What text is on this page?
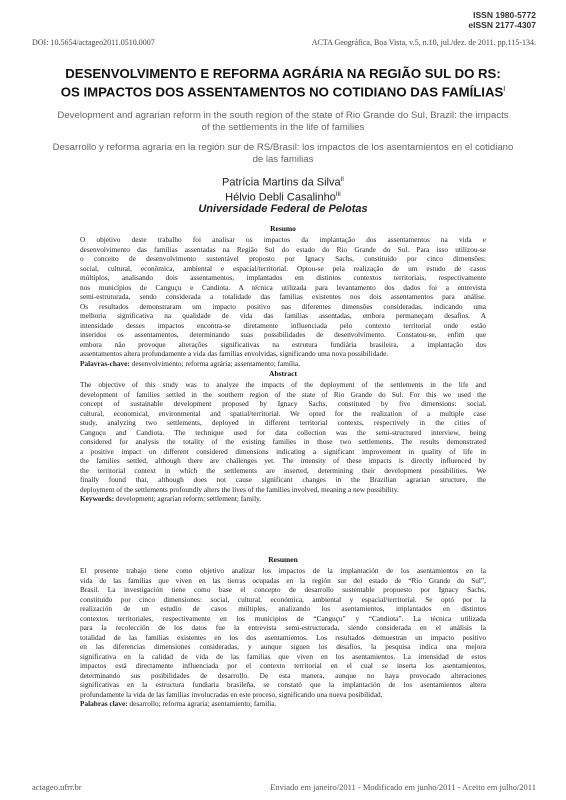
ISSN 1980-5772
eISSN 2177-4307
DOI: 10.5654/actageo2011.0510.0007	ACTA Geográfica, Boa Vista, v.5, n.10, jul./dez. de 2011. pp.115-134.
DESENVOLVIMENTO E REFORMA AGRÁRIA NA REGIÃO SUL DO RS:
OS IMPACTOS DOS ASSENTAMENTOS NO COTIDIANO DAS $FAMÍLIAS^I$
Development and agrarian reform in the south region of the state of Rio Grande do Sul, Brazil: the impacts
of the settlements in the life of families
Desarrollo y reforma agraria en la región sur de RS/Brasil: los impactos de los asentamientos en el cotidiano
de las familias
Patrícia Martins da Silva$^{II}$
Hélvio Debli Casalinho$^{III}$
Universidade Federal de Pelotas
Resumo
O objetivo deste trabalho foi analisar os impactos da implantação dos assentamentos na vida e
desenvolvimento das famílias assentadas na Região Sul do estado do Rio Grande do Sul. Para isso utilizou-se
o conceito de desenvolvimento sustentável proposto por Ignacy Sachs, constituído por cinco dimensões:
social, cultural, econômica, ambiental e espacial/territorial. Optou-se pela realização de um estudo de casos
múltiplos, analisando dois assentamentos, implantados em distintos contextos territoriais, respectivamente
nos municípios de Canguçu e Candiota. A técnica utilizada para levantamento dos dados foi a entrevista
semi-estruturada, sendo considerada a totalidade das famílias existentes nos dois assentamentos para análise.
Os resultados demonstraram um impacto positivo nas diferentes dimensões consideradas, indicando uma
melhoria significativa na qualidade de vida das famílias assentadas, embora permaneçam desafios. A
intensidade desses impactos encontra-se diretamente influenciada pelo contexto territorial onde estão
inseridos os assentamentos, determinando suas possibilidades de desenvolvimento. Constatou-se, enfim que
embora não provoque alterações significativas na estrutura fundiária brasileira, a implantação dos
assentamentos altera profundamente a vida das famílias envolvidas, significando uma nova possibilidade.
Palavras-chave: desenvolvimento; reforma agrária; assentamento; família.
Abstract
The objective of this study was to analyze the impacts of the deployment of the settlements in the life and
development of families settled in the southern region of the state of Rio Grande do Sul. For this we used the
concept of sustainable development proposed by Ignacy Sachs, constituted by five dimensions: social,
cultural, economical, environmental and spatial/territorial. We opted for the realization of a multiple case
study, analyzing two settlements, deployed in different territorial contexts, respectively in the cities of
Canguçu and Candiota. The technique used for data collection was the semi-structured interview, being
considered for analysis the totality of the existing families in those two settlements. The results demonstrated
a positive impact on different considered dimensions indicating a significant improvement in quality of life in
the families settled, although there are challenges yet. The intensity of these impacts is directly influenced by
the territorial context in which the settlements are inserted, determining their development possibilities. We
finally found that, although does not cause significant changes in the Brazilian agrarian structure, the
deployment of the settlements profoundly alters the lives of the families involved, meaning a new possibility.
Keywords: development; agrarian reform; settlement; family.
Resumen
El presente trabajo tiene como objetivo analizar los impactos de la implantación de los asentamientos en la
vida de las familias que viven en las tierras ocupadas en la región sur del estado de “Rio Grande do Sul”,
Brasil. La investigación tiene como base el concepto de desarrollo sustentable propuesto por Ignacy Sachs,
constituido por cinco dimensiones: social, cultural, económica, ambiental y espacial/territorial. Se optó por la
realización de un estudio de casos múltiples, analizando los asentamientos, implantados en distintos
contextos territoriales, respectivamente en los municipios de “Canguçu” y “Candiota”. La técnica utilizada
para la recolección de los datos fue la entrevista semi-estructurada, siendo considerada en el análisis la
totalidad de las familias existentes en los dos asentamientos. Los resultados demuestran un impacto positivo
en las diferencias dimensiones consideradas, y aunque siguen los desafíos, la pesquisa indica una mejora
significativa en la calidad de vida de las familias que viven en los asentamientos. La intensidad de estos
impactos está directamente influenciada por el contexto territorial en el cual se inserta los asentamientos,
determinando sus posibilidades de desarrollo. De esta manera, aunque no haya provocado alteraciones
significativas en la estructura fundiaria brasileña, se constató que la implantación de los asentamientos altera
profundamente la vida de las familias involucradas en este proceso, significando una nueva posibilidad.
Palabras clave: desarrollo; reforma agraria; asentamiento; família.
actageo.ufrr.br	Enviado em janeiro/2011 - Modificado em junho/2011 - Aceito em julho/2011
